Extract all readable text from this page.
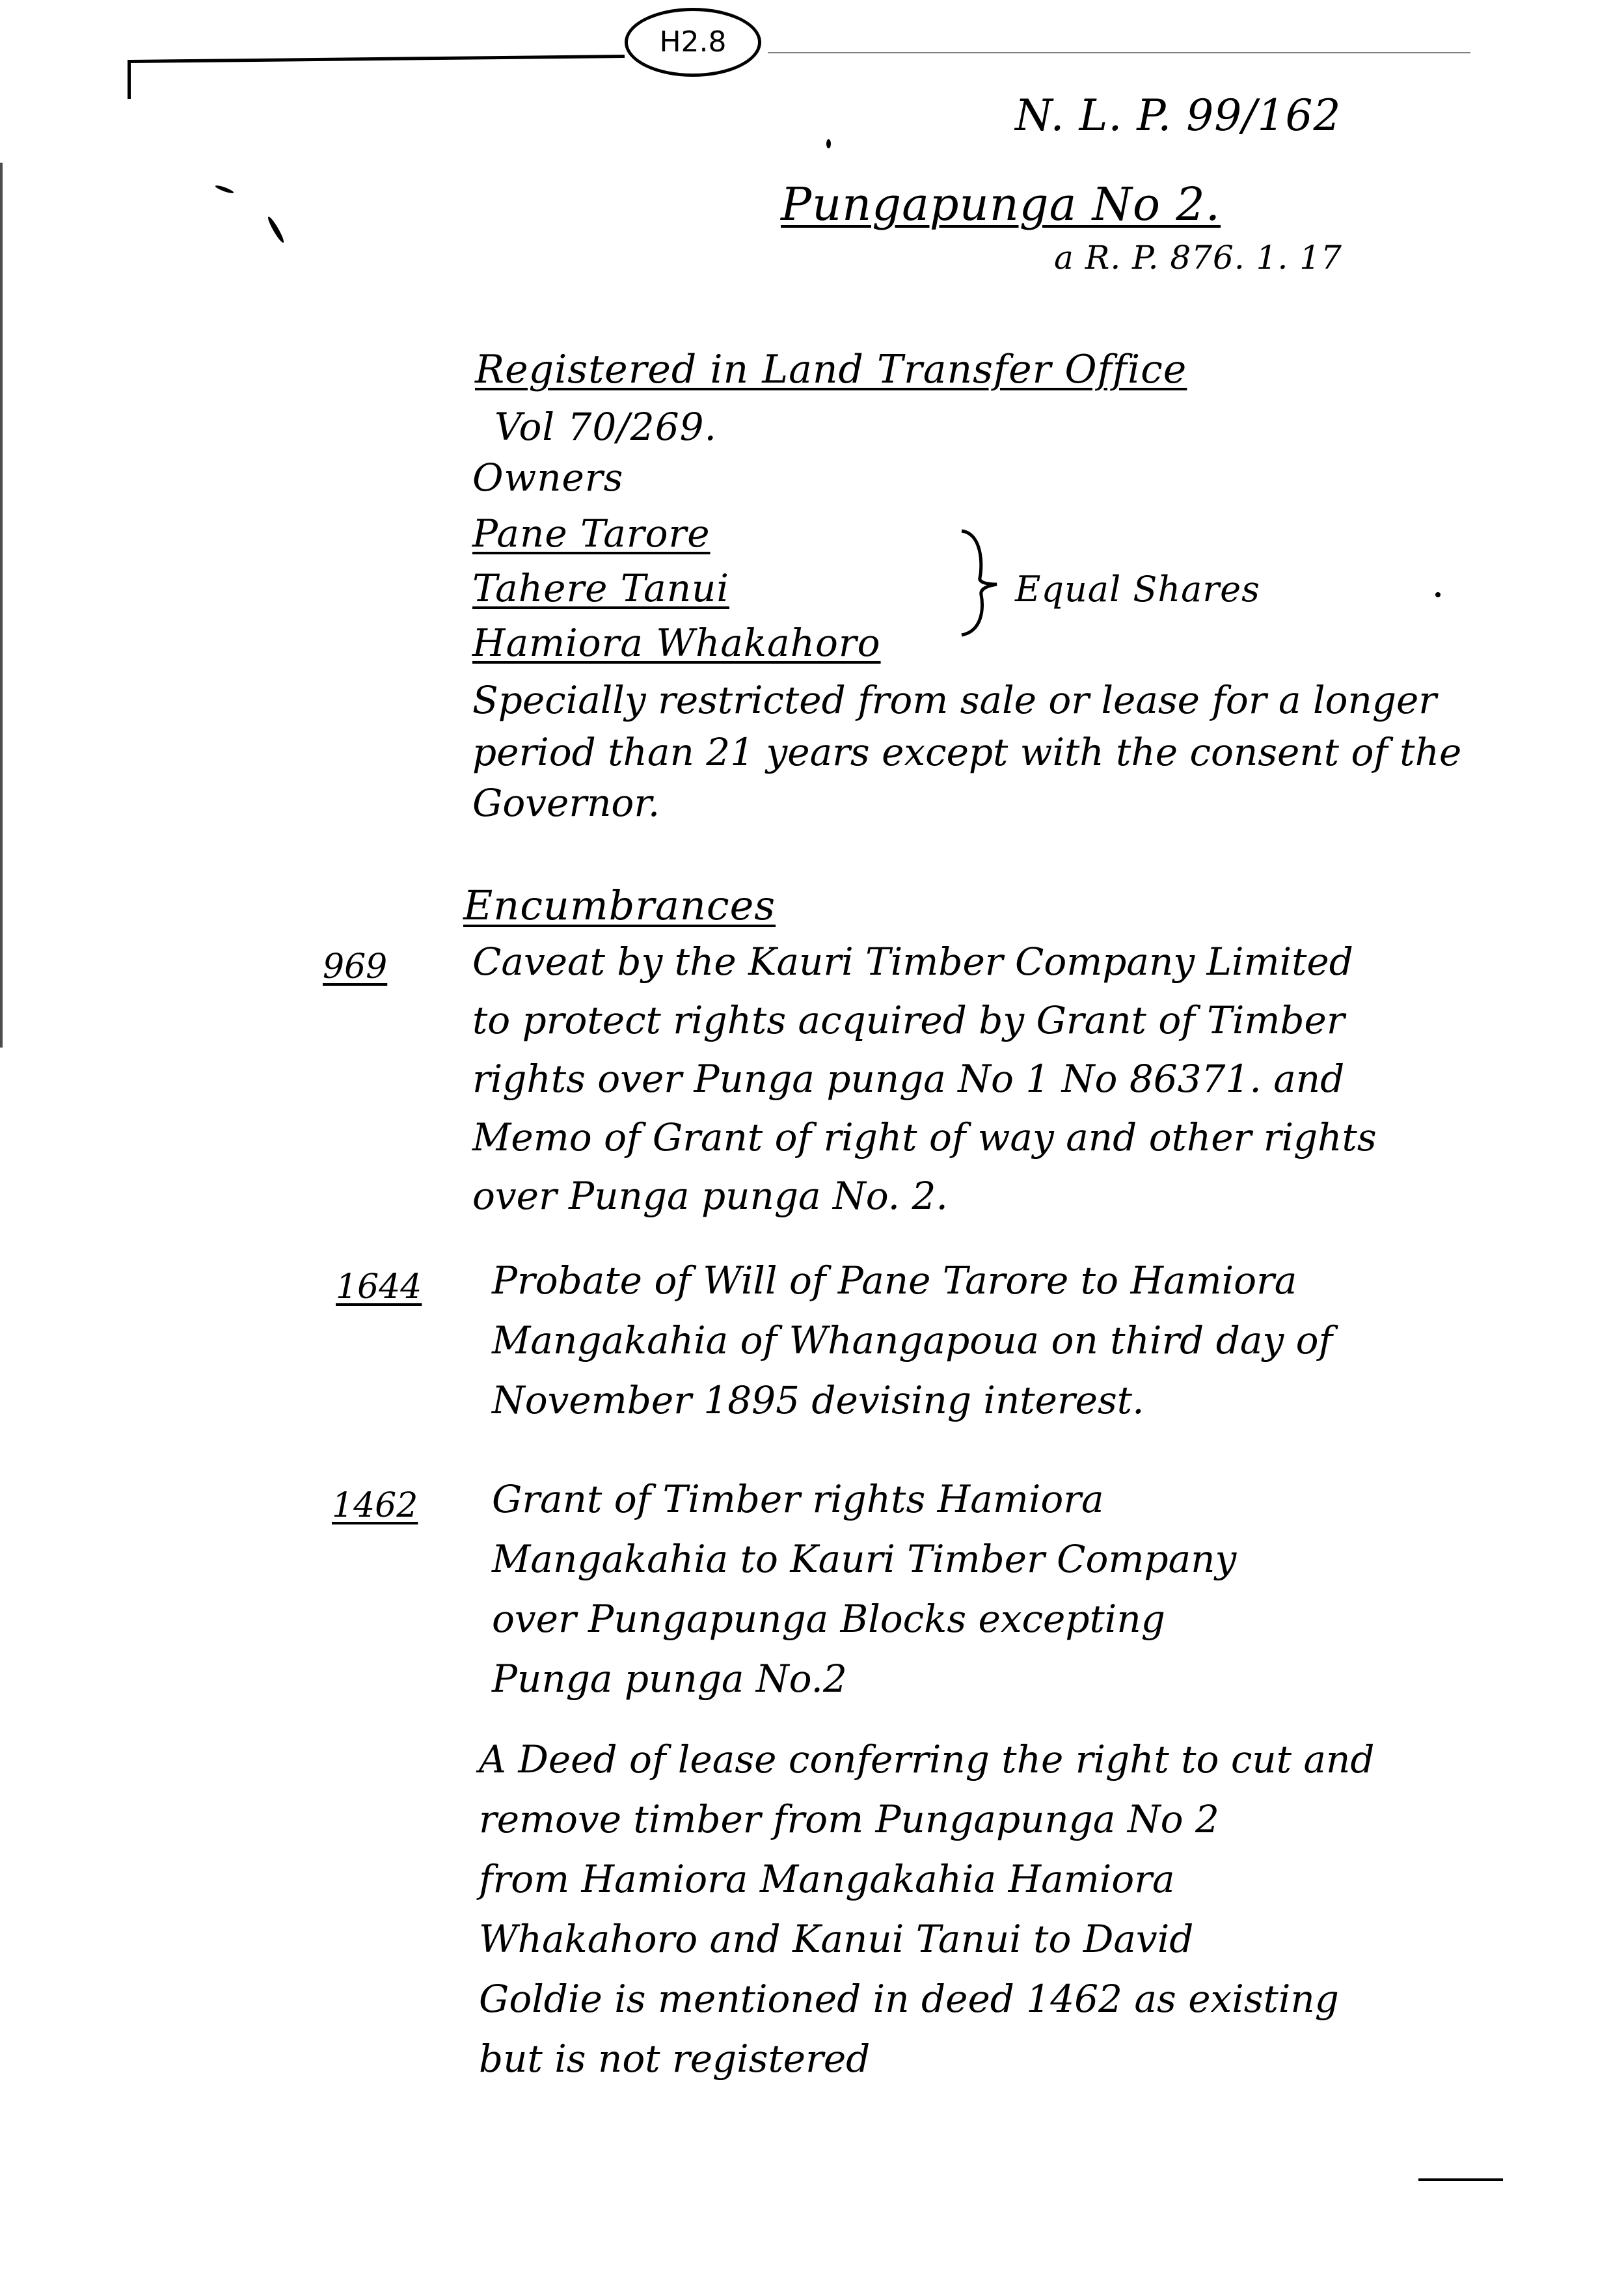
H2.8
N. L. P. 99/162
Pungapunga No 2.
a R. P. 876. 1. 17
Registered in Land Transfer Office
Vol 70/269.
Owners
Pane Tarore
Tahere Tanui
Hamiora Whakahoro
Equal Shares
Specially restricted from sale or lease for a longer
period than 21 years except with the consent of the
Governor.
Encumbrances
969 Caveat by the Kauri Timber Company Limited
to protect rights acquired by Grant of Timber
rights over Punga punga No 1 No 86371. and
Memo of Grant of right of way and other rights
over Punga punga No. 2.
1644 Probate of Will of Pane Tarore to Hamiora
Mangakahia of Whangapoua on third day of
November 1895 devising interest.
1462 Grant of Timber rights Hamiora
Mangakahia to Kauri Timber Company
over Pungapunga Blocks excepting
Punga punga No.2
A Deed of lease conferring the right to cut and
remove timber from Pungapunga No 2
from Hamiora Mangakahia Hamiora
Whakahoro and Kanui Tanui to David
Goldie is mentioned in deed 1462 as existing
but is not registered
